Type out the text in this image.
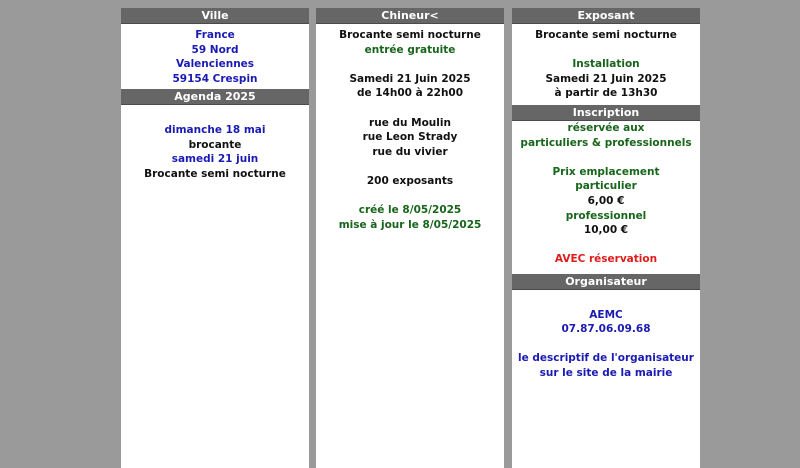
Ville
France
59 Nord
Valenciennes
59154 Crespin
Agenda 2025
dimanche 18 mai
brocante
samedi 21 juin
Brocante semi nocturne
Chineur<
Brocante semi nocturne
entrée gratuite
Samedi 21 Juin 2025
de 14h00 à 22h00
rue du Moulin
rue Leon Strady
rue du vivier
200 exposants
créé le 8/05/2025
mise à jour le 8/05/2025
Exposant
Brocante semi nocturne
Installation
Samedi 21 Juin 2025
à partir de 13h30
Inscription
réservée aux
particuliers & professionnels
Prix emplacement
particulier
6,00 €
professionnel
10,00 €
AVEC réservation
Organisateur
AEMC
07.87.06.09.68
le descriptif de l'organisateur
sur le site de la mairie
